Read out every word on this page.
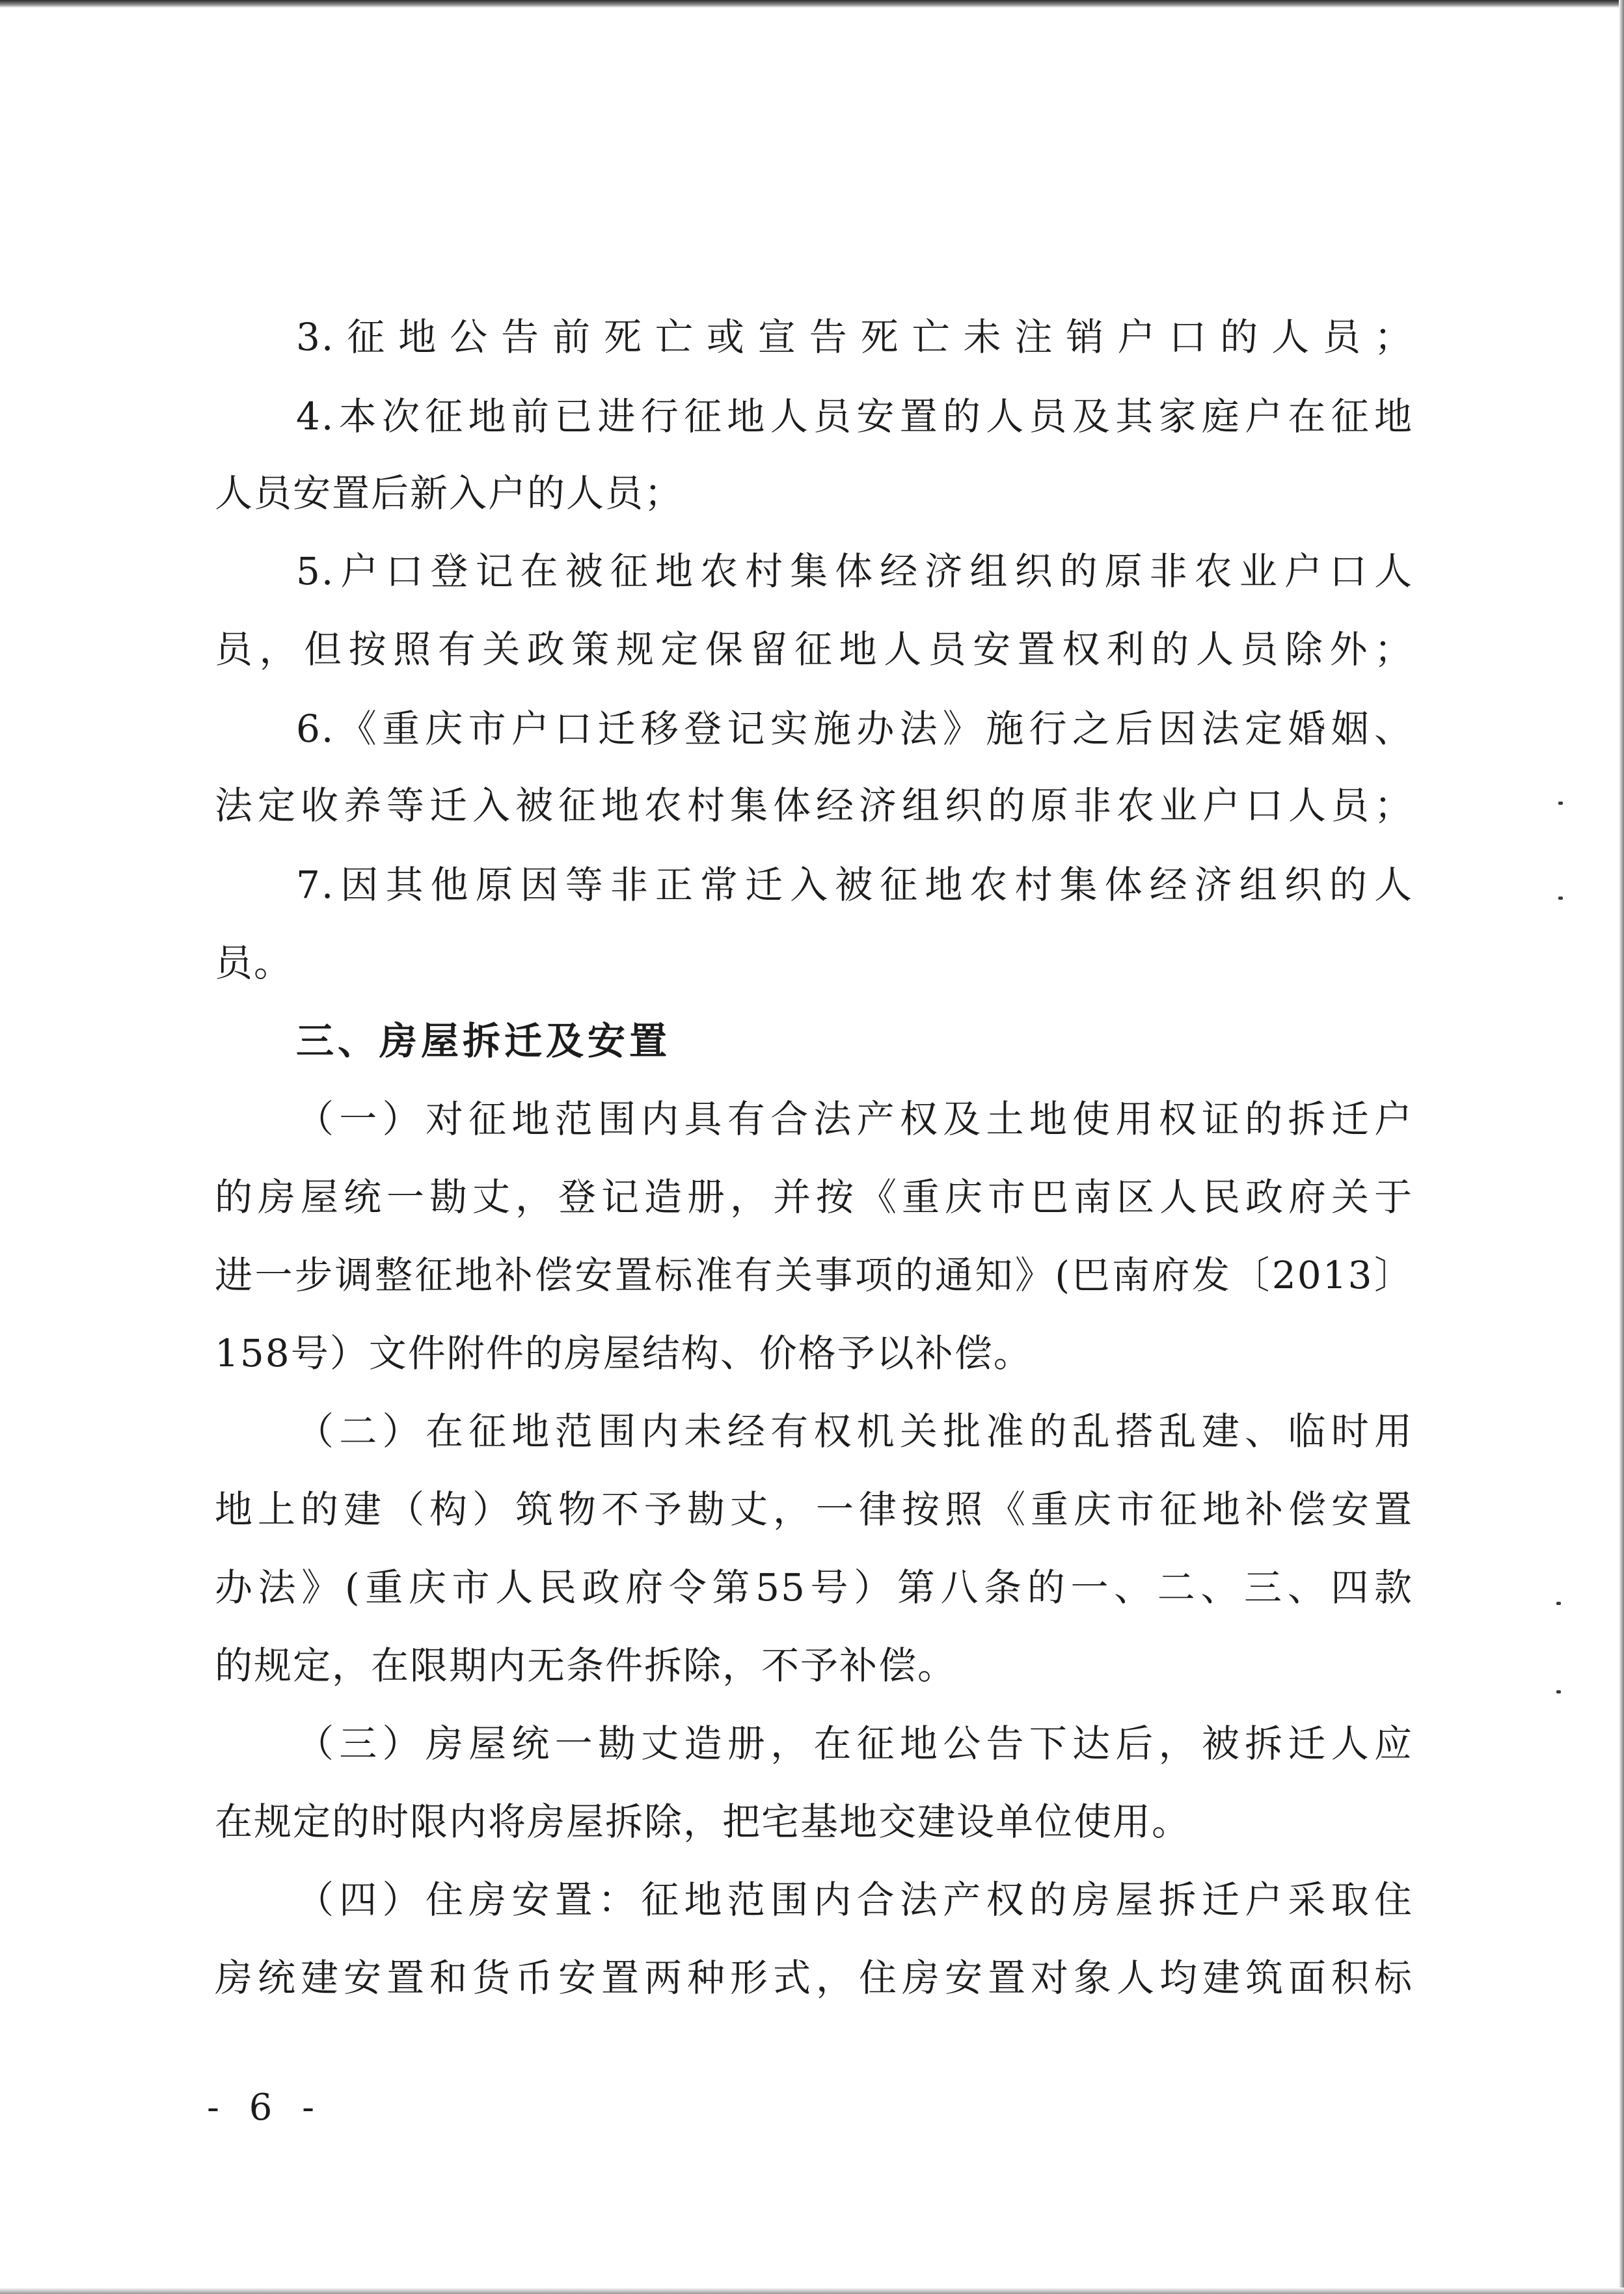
3.征地公告前死亡或宣告死亡未注销户口的人员；
4.本次征地前已进行征地人员安置的人员及其家庭户在征地
人员安置后新入户的人员；
5.户口登记在被征地农村集体经济组织的原非农业户口人
员，但按照有关政策规定保留征地人员安置权利的人员除外；
6.《重庆市户口迁移登记实施办法》施行之后因法定婚姻、
法定收养等迁入被征地农村集体经济组织的原非农业户口人员；
7.因其他原因等非正常迁入被征地农村集体经济组织的人
员。
三、房屋拆迁及安置
（一）对征地范围内具有合法产权及土地使用权证的拆迁户
的房屋统一勘丈，登记造册，并按《重庆市巴南区人民政府关于
进一步调整征地补偿安置标准有关事项的通知》(巴南府发〔2013〕
158号）文件附件的房屋结构、价格予以补偿。
（二）在征地范围内未经有权机关批准的乱搭乱建、临时用
地上的建（构）筑物不予勘丈，一律按照《重庆市征地补偿安置
办法》(重庆市人民政府令第55号）第八条的一、二、三、四款
的规定，在限期内无条件拆除，不予补偿。
（三）房屋统一勘丈造册，在征地公告下达后，被拆迁人应
在规定的时限内将房屋拆除，把宅基地交建设单位使用。
（四）住房安置：征地范围内合法产权的房屋拆迁户采取住
房统建安置和货币安置两种形式，住房安置对象人均建筑面积标
- 6 -
